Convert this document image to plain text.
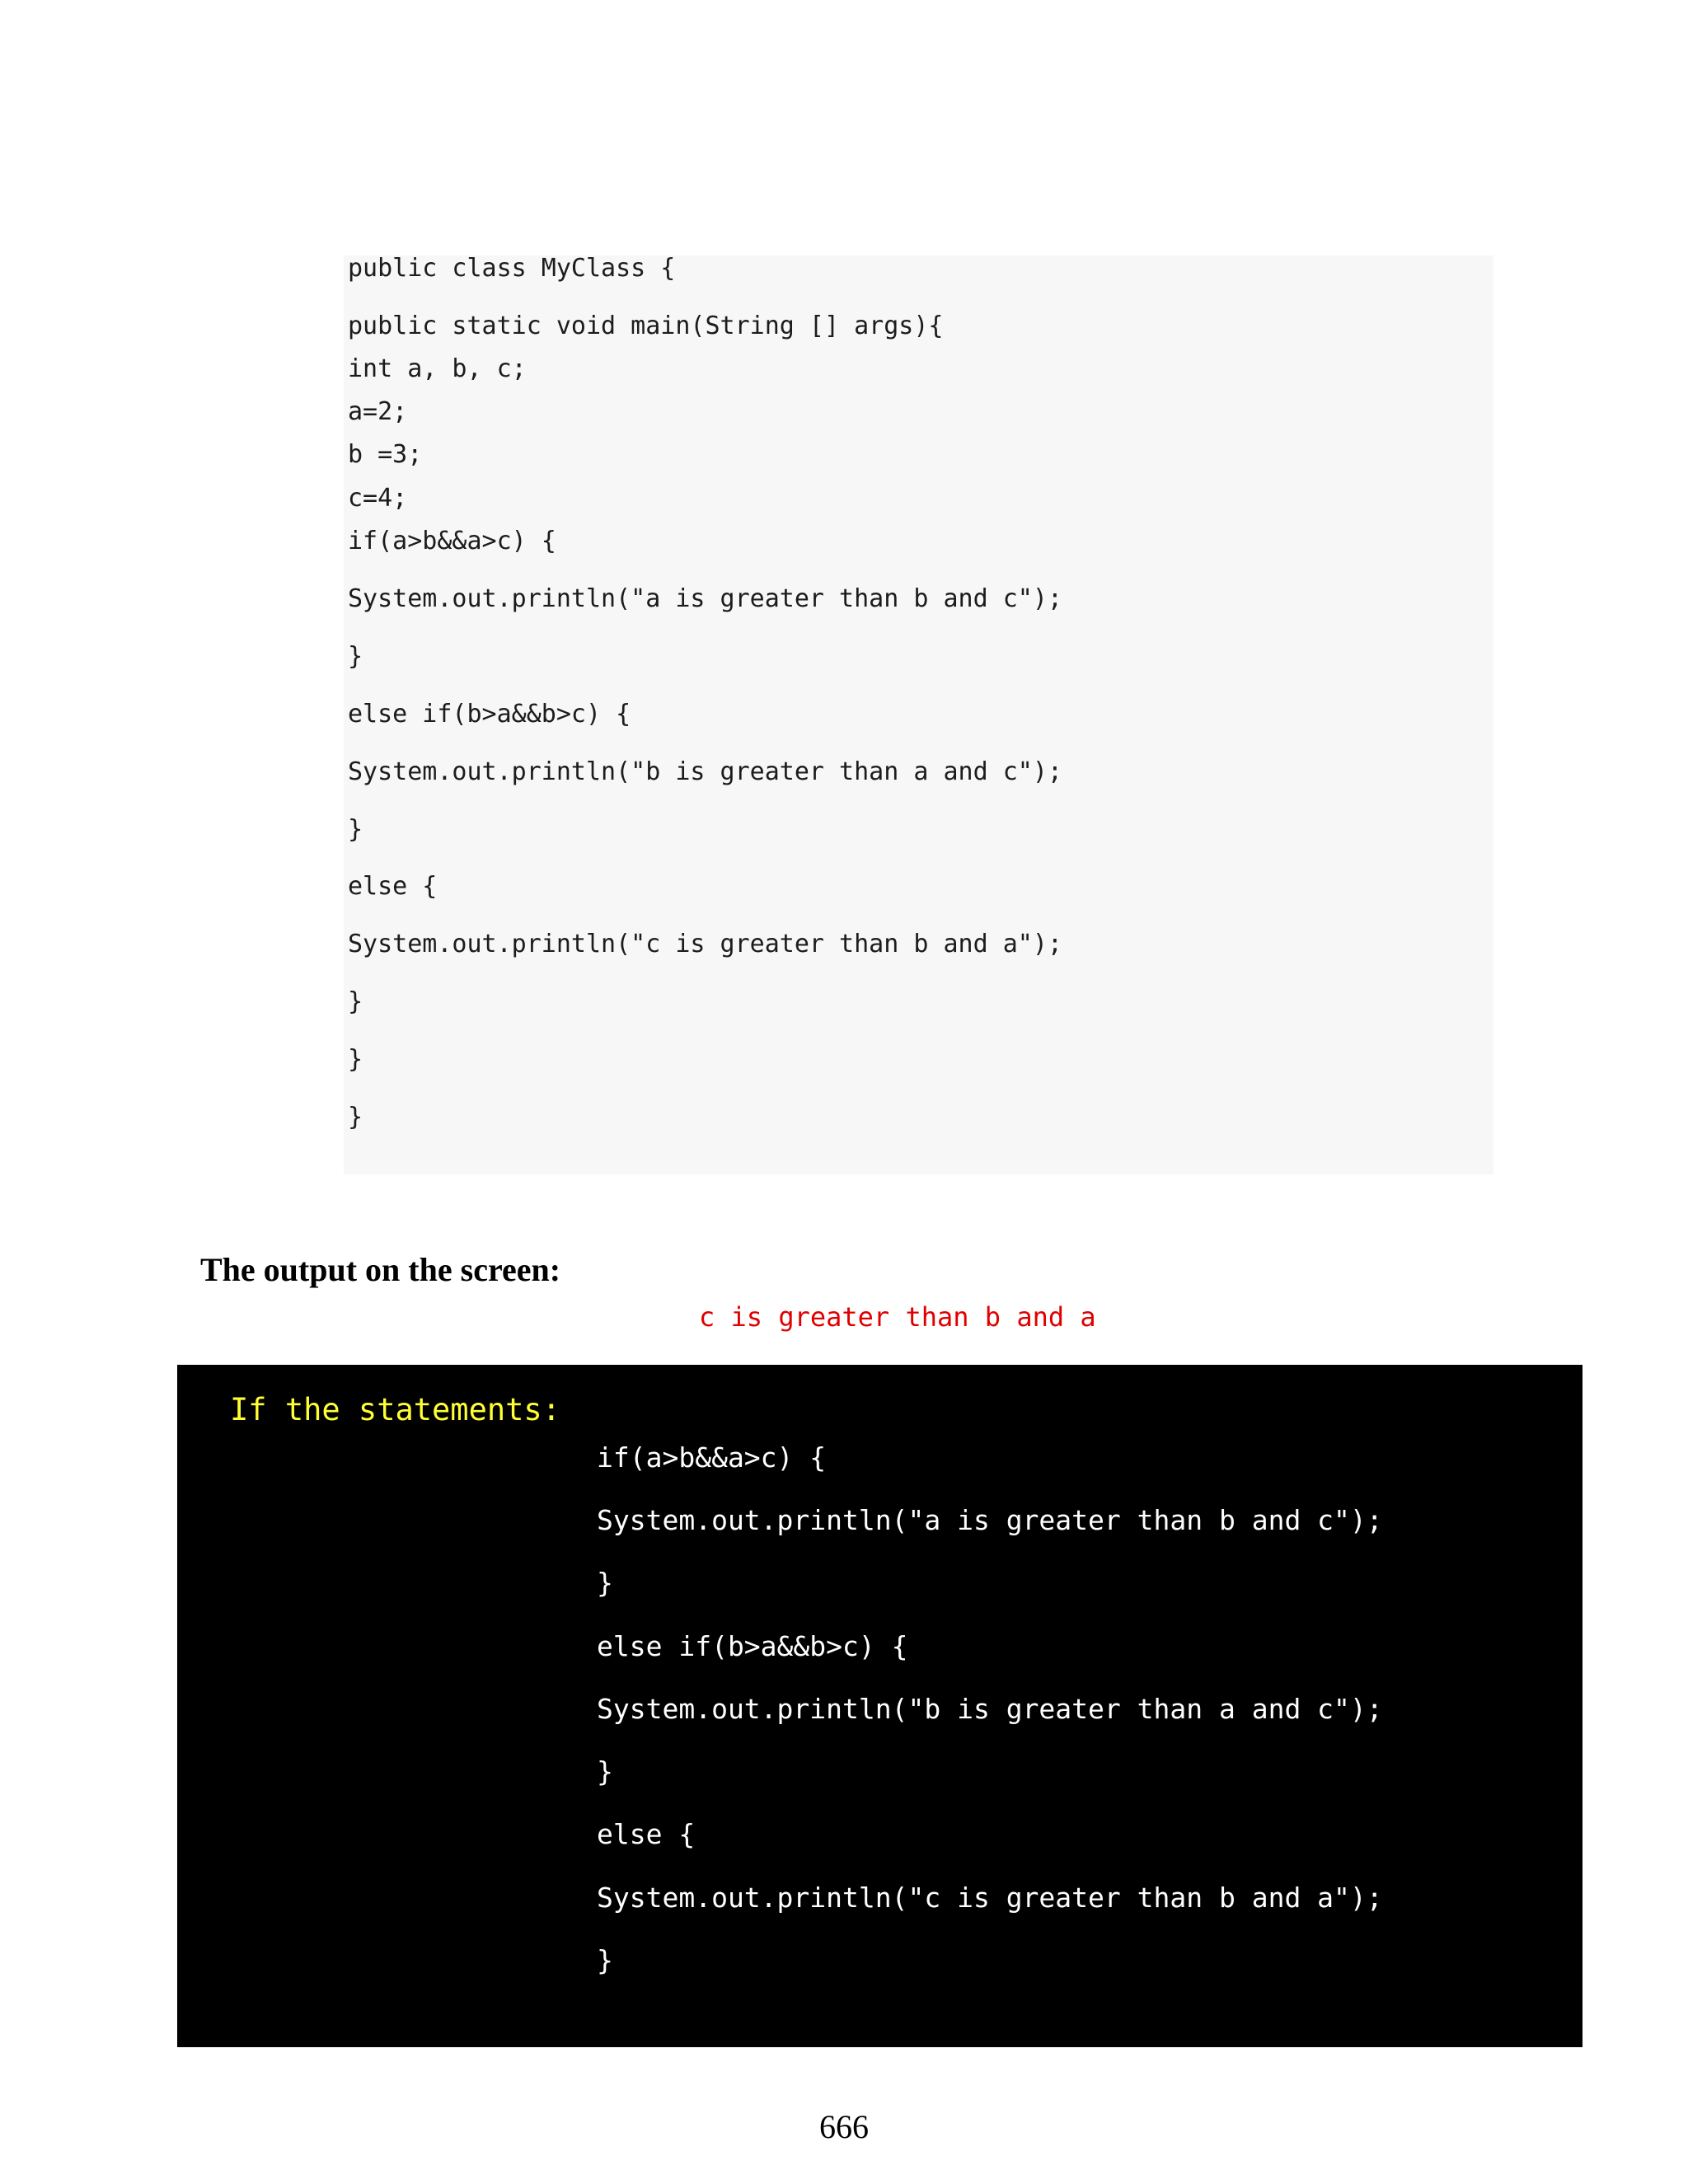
public class MyClass {

public static void main(String [] args){

int a, b, c;

a=2;

b =3;

c=4;

if(a>b&&a>c) {

System.out.println("a is greater than b and c");

}

else if(b>a&&b>c) {

System.out.println("b is greater than a and c");

}

else {

System.out.println("c is greater than b and a");

}

}

}

The output on the screen:

c is greater than b and a

If the statements:

if(a>b&&a>c) {

System.out.println("a is greater than b and c");

}

else if(b>a&&b>c) {

System.out.println("b is greater than a and c");

}

else {

System.out.println("c is greater than b and a");

}

666
